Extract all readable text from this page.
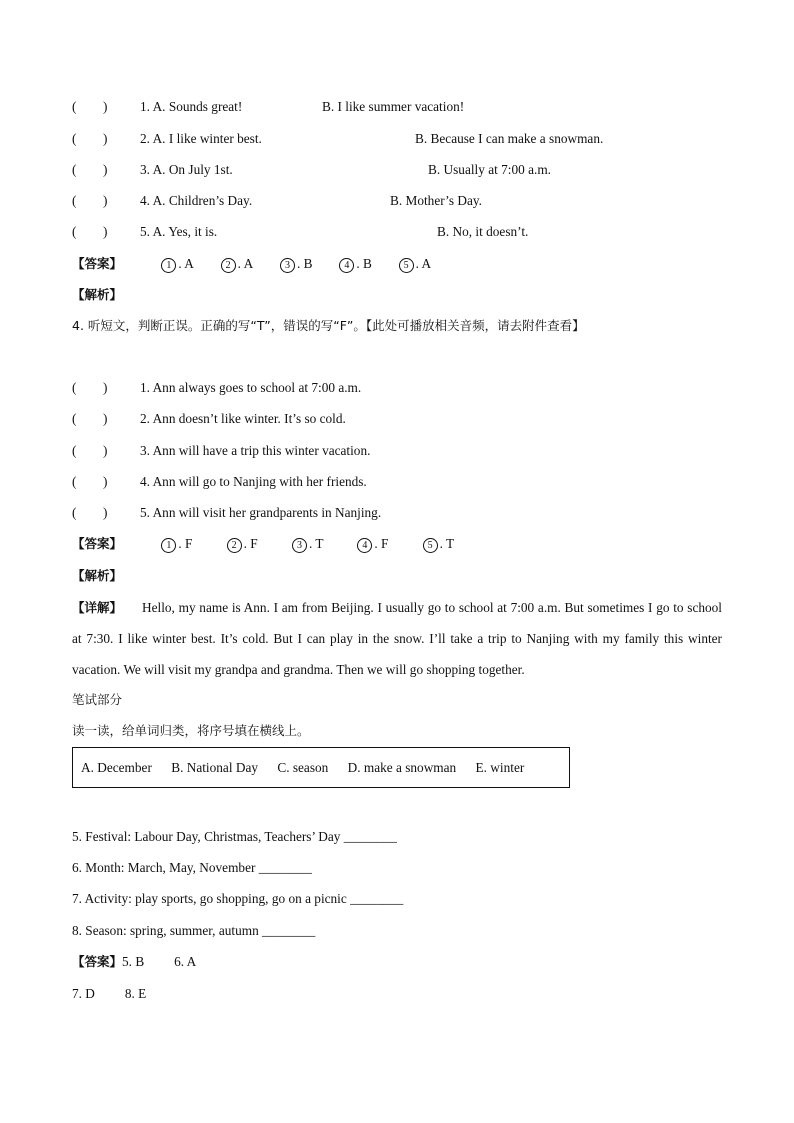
(        ) 1. A. Sounds great!	B. I like summer vacation!
(        ) 2. A. I like winter best.	B. Because I can make a snowman.
(        ) 3. A. On July 1st.	B. Usually at 7:00 a.m.
(        ) 4. A. Children’s Day.	B. Mother’s Day.
(        ) 5. A. Yes, it is.	B. No, it doesn’t.
【答案】	1 . A	2 . A	3 . B	4 . B	5 . A
【解析】
4. 听短文，判断正误。正确的写“T”，错误的写“F”。【此处可播放相关音频，请去附件查看】
(        ) 1. Ann always goes to school at 7:00 a.m.
(        ) 2. Ann doesn’t like winter. It’s so cold.
(        ) 3. Ann will have a trip this winter vacation.
(        ) 4. Ann will go to Nanjing with her friends.
(        ) 5. Ann will visit her grandparents in Nanjing.
【答案】	1 . F	2 . F	3 . T	4 . F	5 . T
【解析】
【详解】 Hello, my name is Ann. I am from Beijing. I usually go to school at 7:00 a.m. But sometimes I go to school at 7:30. I like winter best. It’s cold. But I can play in the snow. I’ll take a trip to Nanjing with my family this winter vacation. We will visit my grandpa and grandma. Then we will go shopping together.
笔试部分
读一读，给单词归类，将序号填在横线上。
A. December B. National Day C. season D. make a snowman E. winter
5. Festival: Labour Day, Christmas, Teachers’ Day ________
6. Month: March, May, November ________
7. Activity: play sports, go shopping, go on a picnic ________
8. Season: spring, summer, autumn ________
【答案】5. B         6. A
7. D         8. E
